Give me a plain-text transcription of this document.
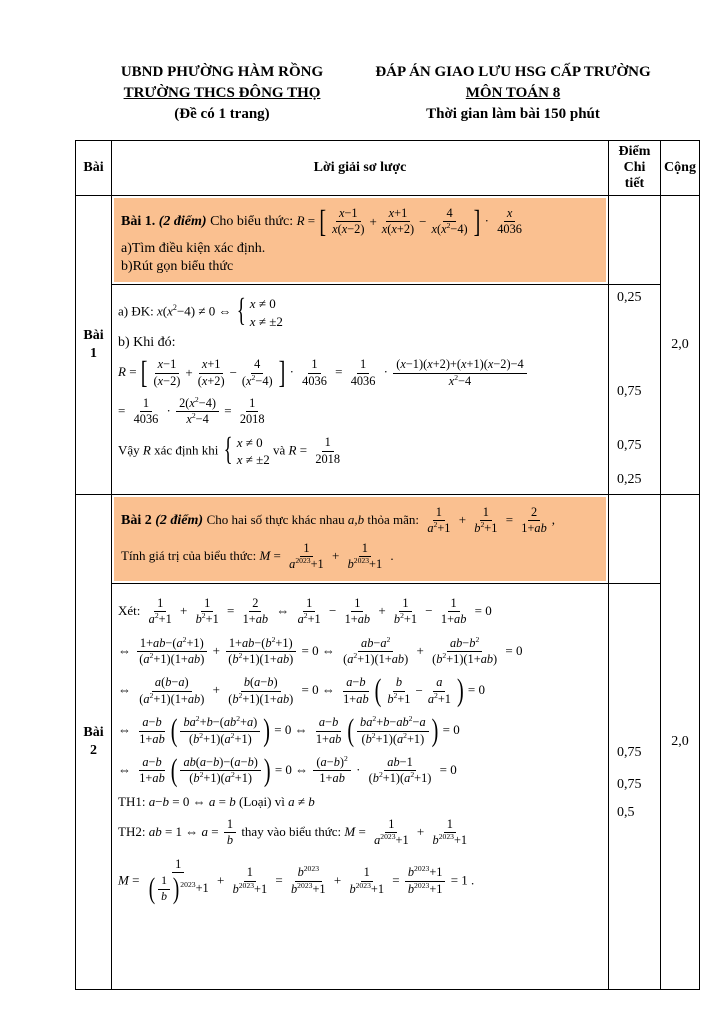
UBND PHƯỜNG HÀM RỒNG
TRƯỜNG THCS ĐÔNG THỌ
(Đề có 1 trang)
ĐÁP ÁN GIAO LƯU HSG CẤP TRƯỜNG
MÔN TOÁN 8
Thời gian làm bài 150 phút
Bài	Lời giải sơ lược
Điểm
Chi
tiết
Cộng
Bài
1
Bài 1. (2 điểm) Cho biểu thức: R = [ x−1
x(x−2)
+
x+1
x(x+2)
−
4
$x(x^2-4)$ ] · $\frac{x}{4036}$
a)Tìm điều kiện xác định.
b)Rút gọn biểu thức
a) ĐK: $x(x^2-4) \ne 0$ ⇔ { x ≠ 0
x ≠ ±2
b) Khi đó:
R = [ x−1
(x−2)
+
x+1
(x+2)
−
4
$(x^2-4)$ ] · $\frac{1}{4036} = \frac{1}{4036} \cdot \frac{(x-1)(x+2)+(x+1)(x-2)-4}{x^2-4}$
= $\frac{1}{4036} \cdot \frac{2(x^2-4)}{x^2-4} = \frac{1}{2018}$
Vậy R xác định khi { x ≠ 0
x ≠ ±2
và $R = \frac{1}{2018}$
0,25
0,75
0,75
0,25
2,0
Bài
2
Bài 2 (2 điểm) Cho hai số thực khác nhau a,b thỏa mãn: $\frac{1}{a^2+1} + \frac{1}{b^2+1} = \frac{2}{1+ab}$ ,
Tính giá trị của biểu thức: $M = \frac{1}{a^{2023}+1} + \frac{1}{b^{2023}+1}$ .
Xét: $\frac{1}{a^2+1} + \frac{1}{b^2+1} = \frac{2}{1+ab}$ ⇔ $\frac{1}{a^2+1} - \frac{1}{1+ab} + \frac{1}{b^2+1} - \frac{1}{1+ab} = 0$
⇔ $\frac{1+ab-(a^2+1)}{(a^2+1)(1+ab)} + \frac{1+ab-(b^2+1)}{(b^2+1)(1+ab)} = 0$ ⇔ $\frac{ab-a^2}{(a^2+1)(1+ab)} + \frac{ab-b^2}{(b^2+1)(1+ab)} = 0$
⇔ $\frac{a(b-a)}{(a^2+1)(1+ab)} + \frac{b(a-b)}{(b^2+1)(1+ab)} = 0$ ⇔ $\frac{a-b}{1+ab}$ ( b
$b^2+1$
−
a
$a^2+1$ ) = 0
⇔ $\frac{a-b}{1+ab}$ ( $ba^2+b-(ab^2+a)$
$(b^2+1)(a^2+1)$ ) = 0 ⇔ $\frac{a-b}{1+ab}$ ( $ba^2+b-ab^2-a$
$(b^2+1)(a^2+1)$ ) = 0
⇔ $\frac{a-b}{1+ab}$ ( ab(a−b)−(a−b)
$(b^2+1)(a^2+1)$ ) = 0 ⇔ $\frac{(a-b)^2}{1+ab} \cdot \frac{ab-1}{(b^2+1)(a^2+1)} = 0$
TH1: a−b = 0 ⇔ a = b (Loại) vì a ≠ b
TH2: ab = 1 ⇔ $a = \frac{1}{b}$ thay vào biểu thức: $M = \frac{1}{a^{2023}+1} + \frac{1}{b^{2023}+1}$
M = 1
( 1
b ) $^{2023}+1 + \frac{1}{b^{2023}+1} = \frac{b^{2023}}{b^{2023}+1} + \frac{1}{b^{2023}+1} = \frac{b^{2023}+1}{b^{2023}+1} = 1$ .
0,75
0,75
0,5
2,0
